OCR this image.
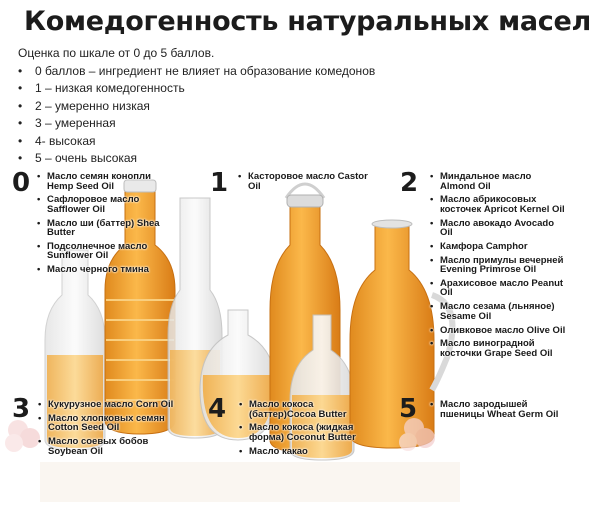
Комедогенность натуральных масел
Оценка по шкале от 0 до 5 баллов.
• 0 баллов – ингредиент не влияет на образование комедонов
• 1 – низкая комедогенность
• 2 – умеренно низкая
• 3 – умеренная
• 4- высокая
• 5 – очень высокая
0	• Масло семян конопли
Hemp Seed Oil
• Сафлоровое масло
Safflower Oil
• Масло ши (баттер) Shea
Butter
• Подсолнечное масло
Sunflower Oil
• Масло черного тмина
1	• Касторовое масло Castor
Oil	2	• Миндальное масло
Almond Oil
• Масло абрикосовых
косточек Apricot Kernel Oil
• Масло авокадо Avocado
Oil
• Камфора Camphor
• Масло примулы вечерней
Evening Primrose Oil
• Арахисовое масло Peanut
Oil
• Масло сезама (льняное)
Sesame Oil
• Оливковое масло Olive Oil
• Масло виноградной
косточки Grape Seed Oil
3	• Кукурузное масло Corn Oil
• Масло хлопковых семян
Cotton Seed Oil
• Масло соевых бобов
Soybean Oil
4	• Масло кокоса
(баттер)Cocoa Butter
• Масло кокоса (жидкая
форма) Coconut Butter
• Масло какао
5	• Масло зародышей
пшеницы Wheat Germ Oil
